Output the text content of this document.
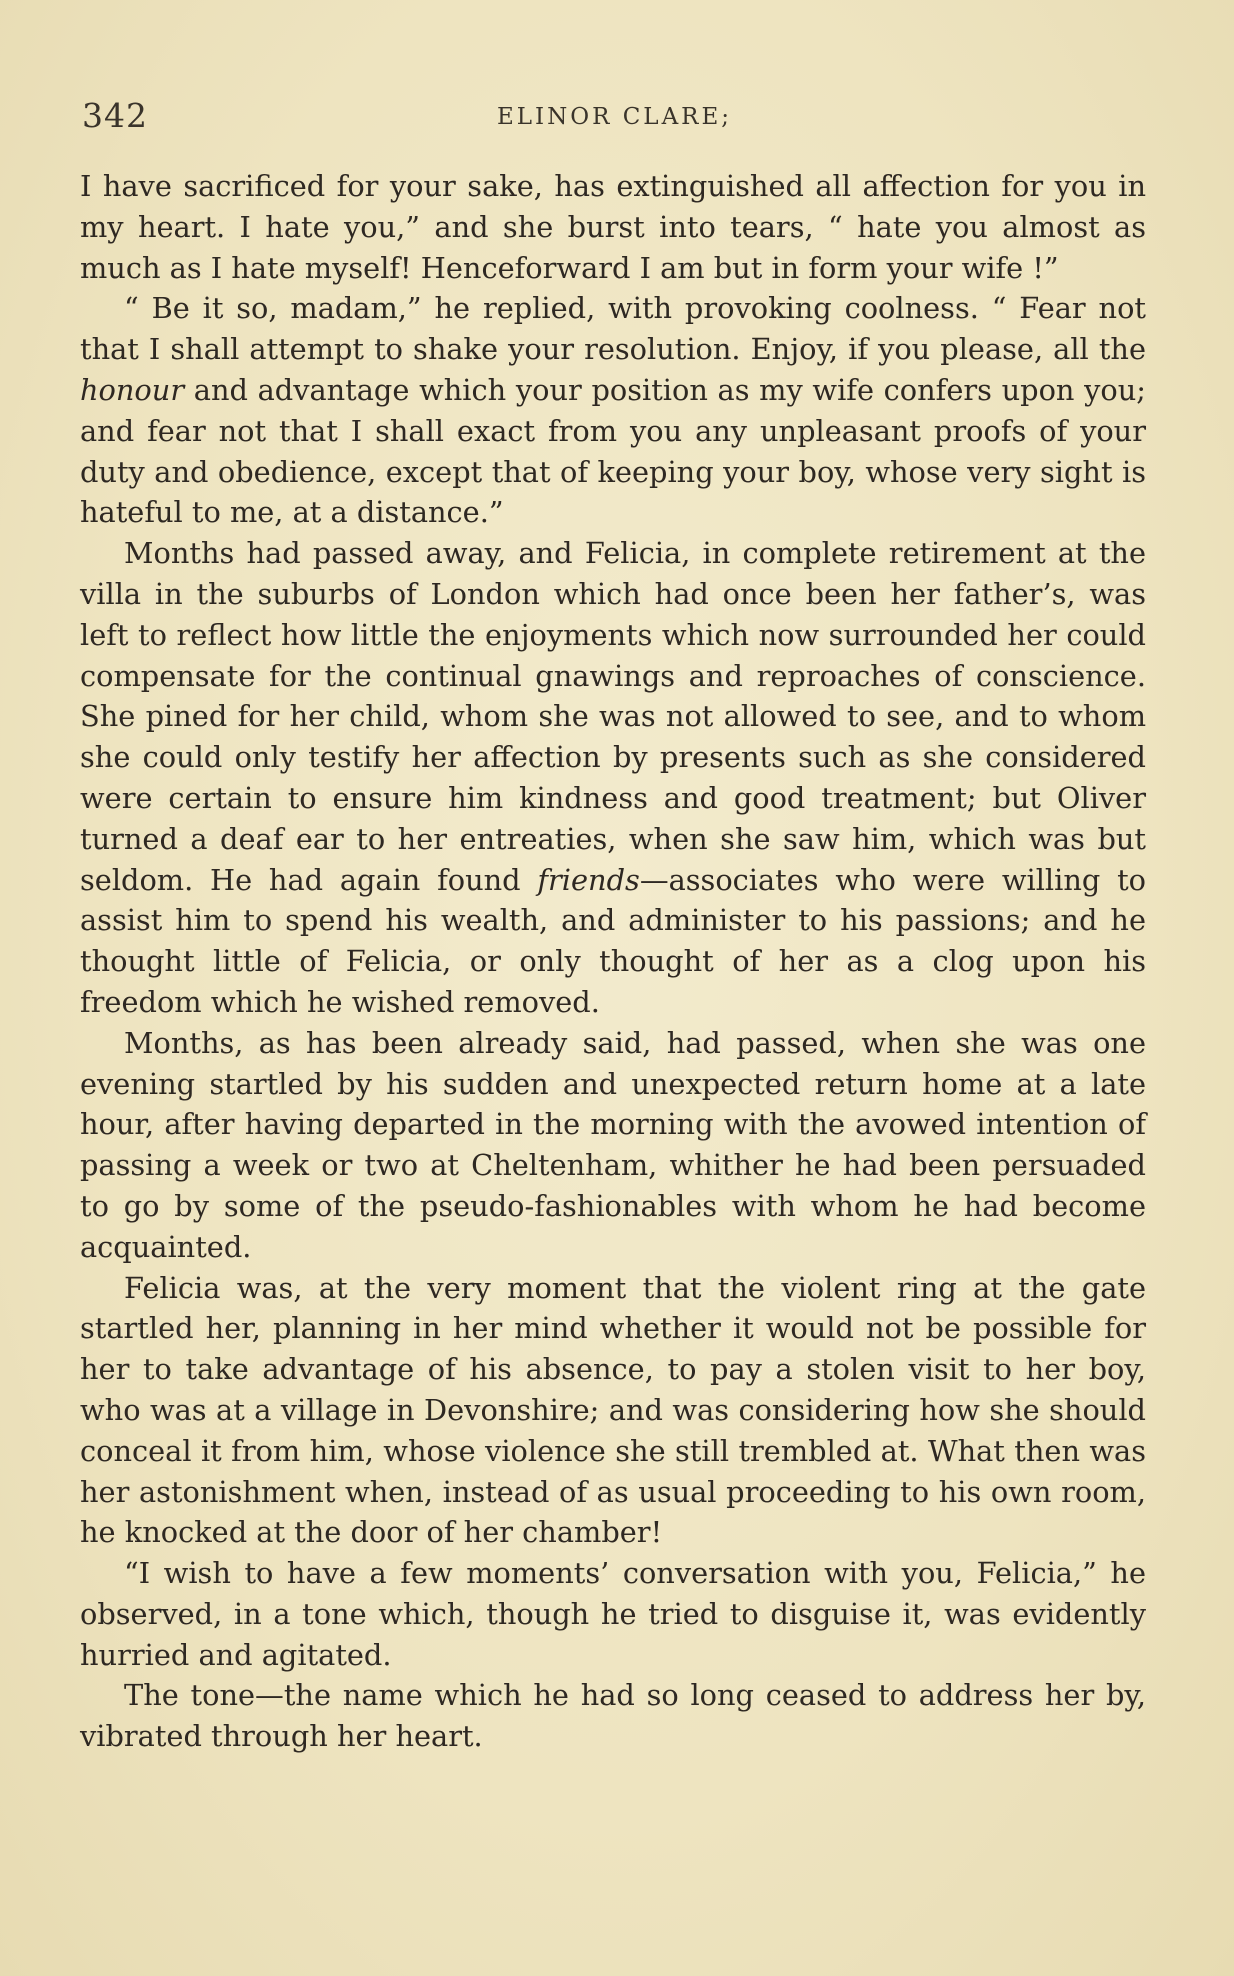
342	ELINOR CLARE;

I have sacrificed for your sake, has extinguished all affection for you in my heart. I hate you,” and she burst into tears, “ hate you almost as much as I hate myself! Henceforward I am but in form your wife !”

“ Be it so, madam,” he replied, with provoking coolness. “ Fear not that I shall attempt to shake your resolution. Enjoy, if you please, all the honour and advantage which your position as my wife confers upon you; and fear not that I shall exact from you any unpleasant proofs of your duty and obedience, except that of keeping your boy, whose very sight is hateful to me, at a distance.”

Months had passed away, and Felicia, in complete retirement at the villa in the suburbs of London which had once been her father’s, was left to reflect how little the enjoyments which now surrounded her could compensate for the continual gnawings and reproaches of conscience. She pined for her child, whom she was not allowed to see, and to whom she could only testify her affection by presents such as she considered were certain to ensure him kindness and good treatment; but Oliver turned a deaf ear to her entreaties, when she saw him, which was but seldom. He had again found friends—associates who were willing to assist him to spend his wealth, and administer to his passions; and he thought little of Felicia, or only thought of her as a clog upon his freedom which he wished removed.

Months, as has been already said, had passed, when she was one evening startled by his sudden and unexpected return home at a late hour, after having departed in the morning with the avowed intention of passing a week or two at Cheltenham, whither he had been persuaded to go by some of the pseudo-fashionables with whom he had become acquainted.

Felicia was, at the very moment that the violent ring at the gate startled her, planning in her mind whether it would not be possible for her to take advantage of his absence, to pay a stolen visit to her boy, who was at a village in Devonshire; and was considering how she should conceal it from him, whose violence she still trembled at. What then was her astonishment when, instead of as usual proceeding to his own room, he knocked at the door of her chamber!

“I wish to have a few moments’ conversation with you, Felicia,” he observed, in a tone which, though he tried to disguise it, was evidently hurried and agitated.

The tone—the name which he had so long ceased to address her by, vibrated through her heart.
